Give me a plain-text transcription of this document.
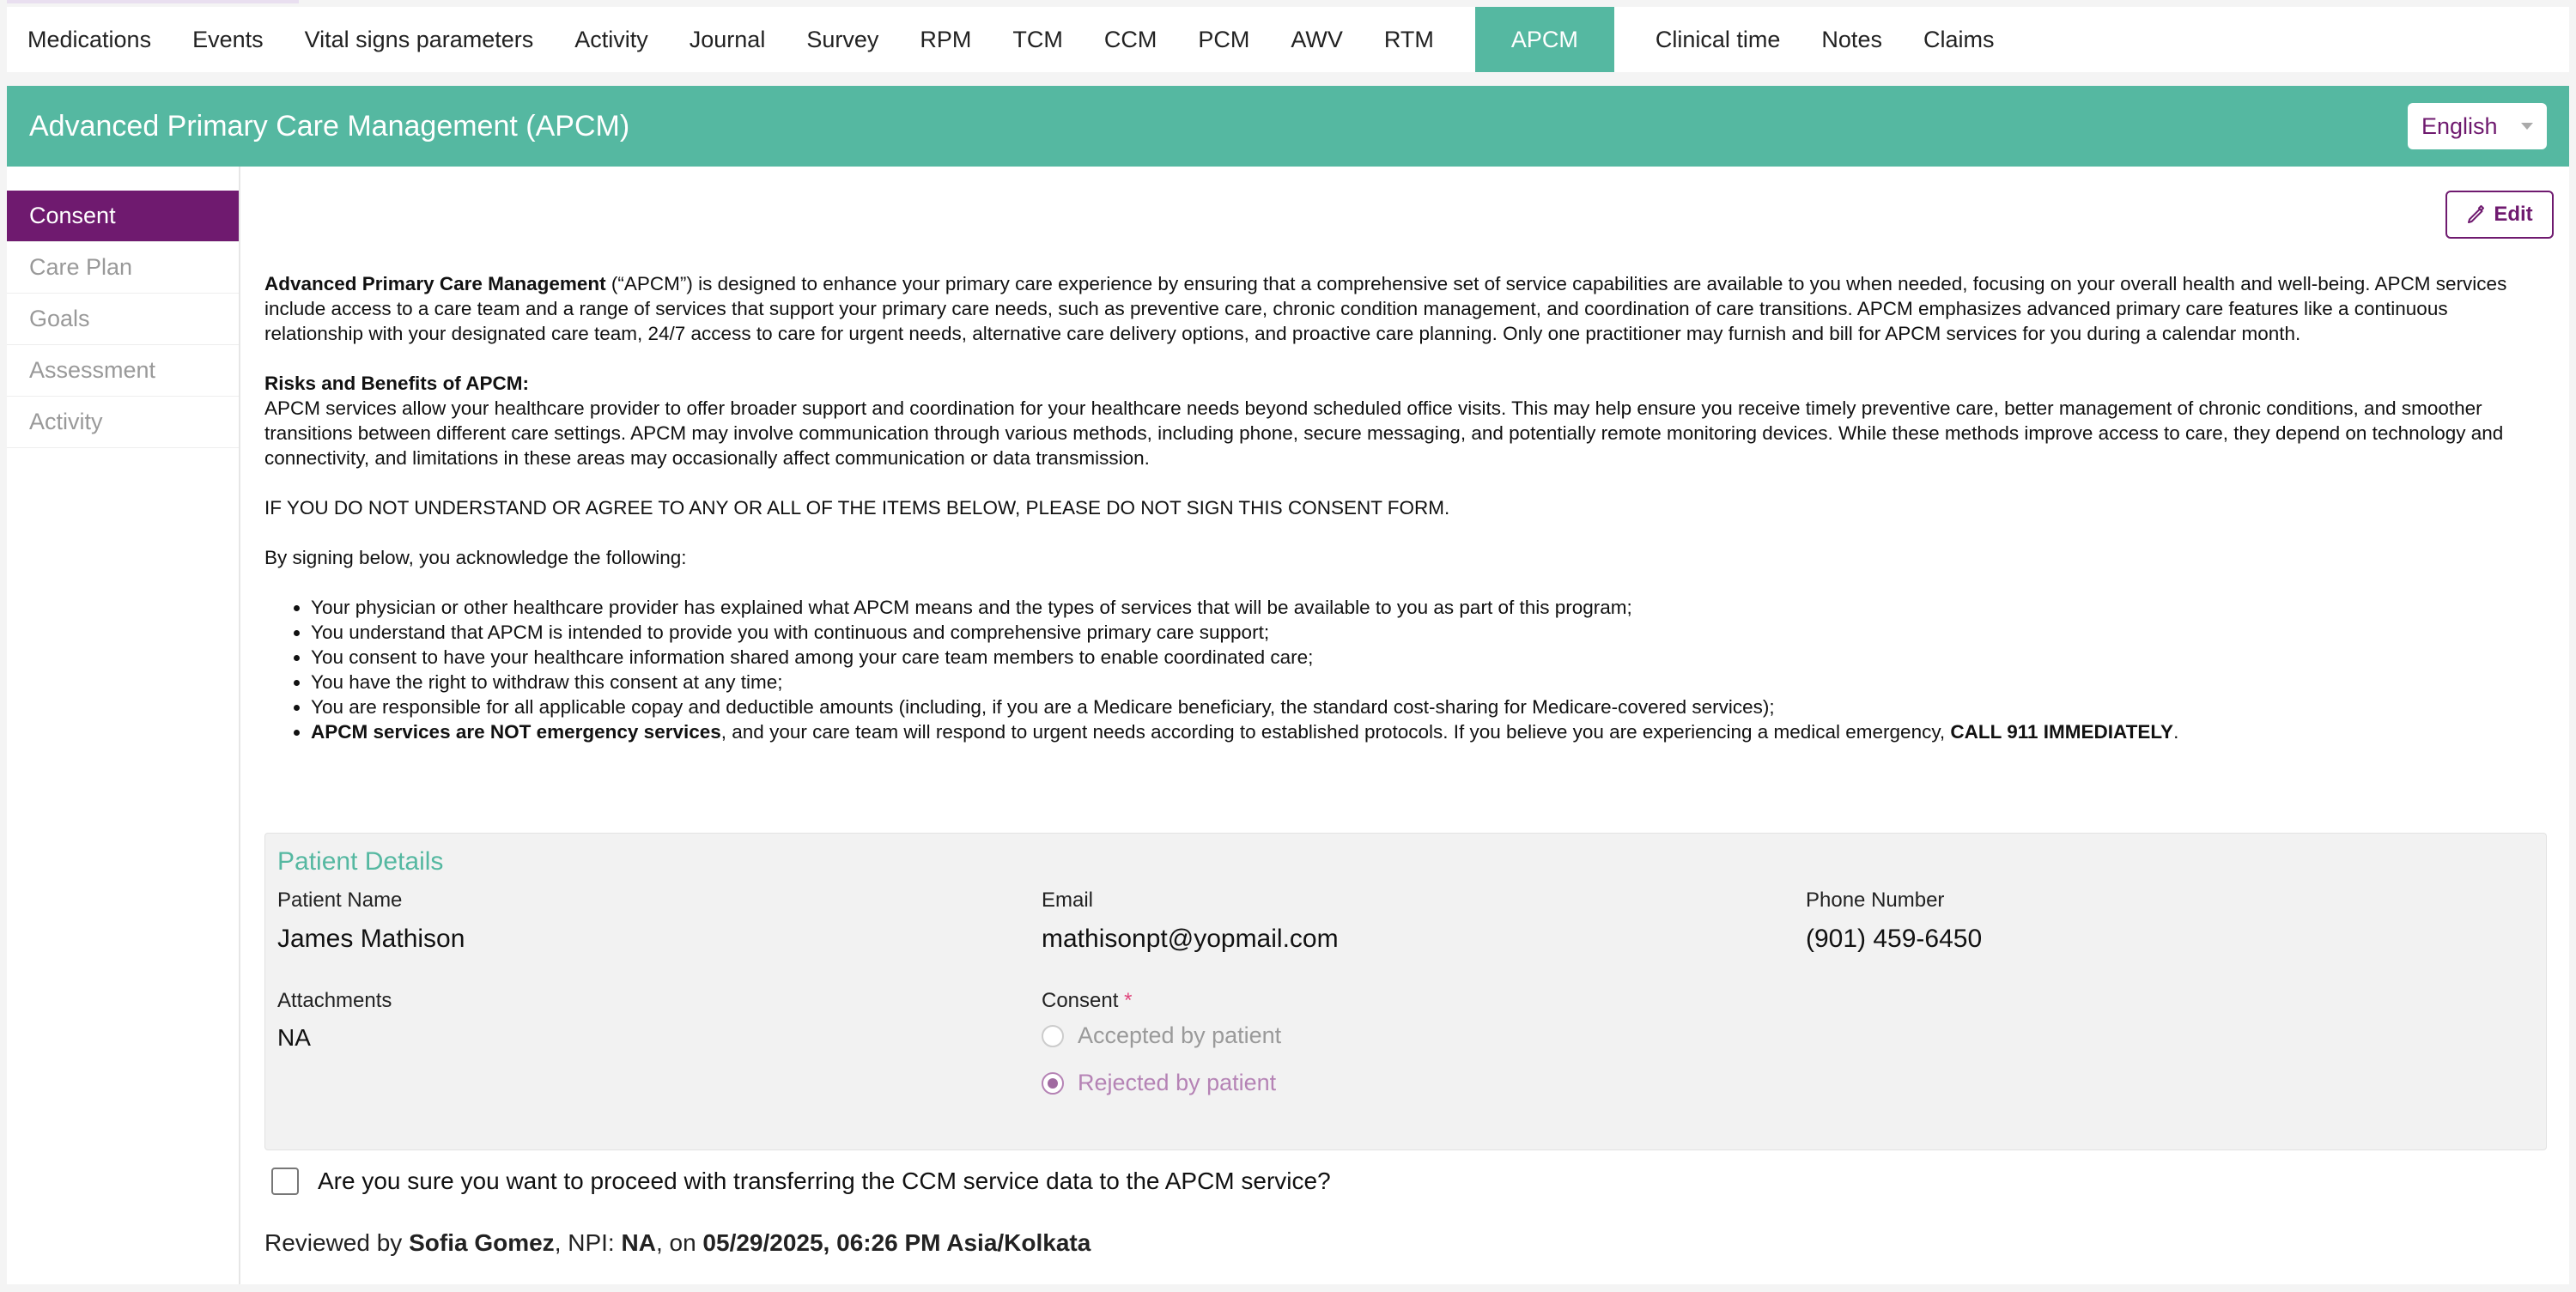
Medications	Events	Vital signs parameters	Activity	Journal	Survey	RPM	TCM	CCM	PCM	AWV	RTM	APCM	Clinical time	Notes	Claims
Advanced Primary Care Management (APCM)	English
Consent
Care Plan
Goals
Assessment
Activity
Edit

Advanced Primary Care Management (“APCM”) is designed to enhance your primary care experience by ensuring that a comprehensive set of service capabilities are available to you when needed, focusing on your overall health and well-being. APCM services include access to a care team and a range of services that support your primary care needs, such as preventive care, chronic condition management, and coordination of care transitions. APCM emphasizes advanced primary care features like a continuous relationship with your designated care team, 24/7 access to care for urgent needs, alternative care delivery options, and proactive care planning. Only one practitioner may furnish and bill for APCM services for you during a calendar month.

Risks and Benefits of APCM:
APCM services allow your healthcare provider to offer broader support and coordination for your healthcare needs beyond scheduled office visits. This may help ensure you receive timely preventive care, better management of chronic conditions, and smoother transitions between different care settings. APCM may involve communication through various methods, including phone, secure messaging, and potentially remote monitoring devices. While these methods improve access to care, they depend on technology and connectivity, and limitations in these areas may occasionally affect communication or data transmission.

IF YOU DO NOT UNDERSTAND OR AGREE TO ANY OR ALL OF THE ITEMS BELOW, PLEASE DO NOT SIGN THIS CONSENT FORM.

By signing below, you acknowledge the following:

• Your physician or other healthcare provider has explained what APCM means and the types of services that will be available to you as part of this program;
• You understand that APCM is intended to provide you with continuous and comprehensive primary care support;
• You consent to have your healthcare information shared among your care team members to enable coordinated care;
• You have the right to withdraw this consent at any time;
• You are responsible for all applicable copay and deductible amounts (including, if you are a Medicare beneficiary, the standard cost-sharing for Medicare-covered services);
• APCM services are NOT emergency services, and your care team will respond to urgent needs according to established protocols. If you believe you are experiencing a medical emergency, CALL 911 IMMEDIATELY.
Patient Details
Patient Name
James Mathison
Email
mathisonpt@yopmail.com
Phone Number
(901) 459-6450
Attachments
NA
Consent *
Accepted by patient
Rejected by patient
Are you sure you want to proceed with transferring the CCM service data to the APCM service?
Reviewed by Sofia Gomez, NPI: NA, on 05/29/2025, 06:26 PM Asia/Kolkata
